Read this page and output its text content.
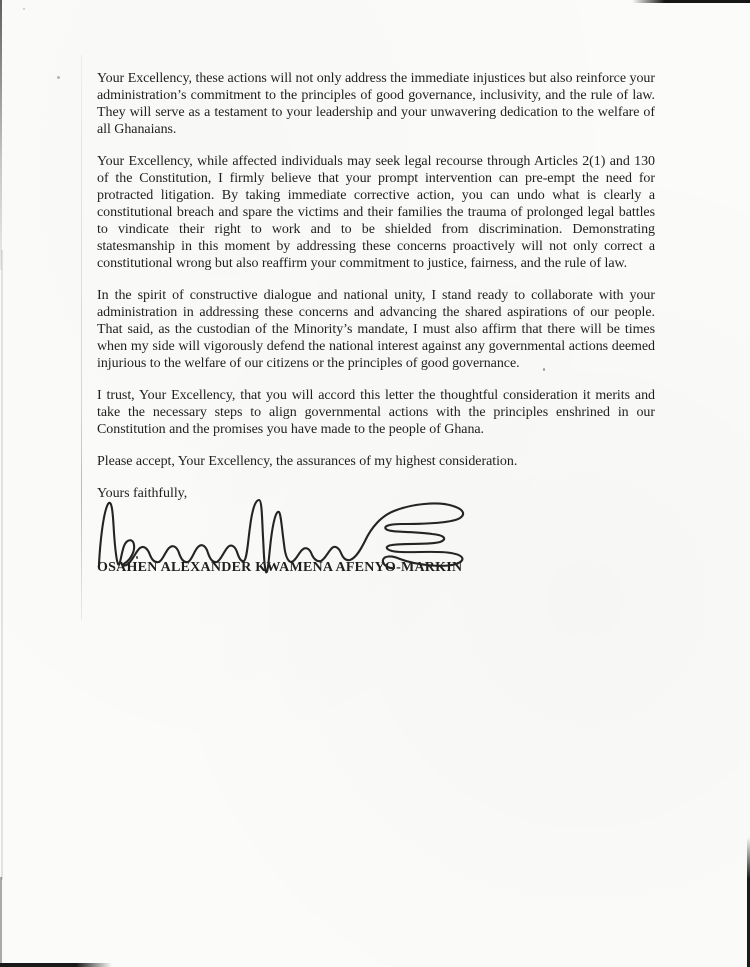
Your Excellency, these actions will not only address the immediate injustices but also reinforce your administration’s commitment to the principles of good governance, inclusivity, and the rule of law. They will serve as a testament to your leadership and your unwavering dedication to the welfare of all Ghanaians.

Your Excellency, while affected individuals may seek legal recourse through Articles 2(1) and 130 of the Constitution, I firmly believe that your prompt intervention can pre-empt the need for protracted litigation. By taking immediate corrective action, you can undo what is clearly a constitutional breach and spare the victims and their families the trauma of prolonged legal battles to vindicate their right to work and to be shielded from discrimination. Demonstrating statesmanship in this moment by addressing these concerns proactively will not only correct a constitutional wrong but also reaffirm your commitment to justice, fairness, and the rule of law.

In the spirit of constructive dialogue and national unity, I stand ready to collaborate with your administration in addressing these concerns and advancing the shared aspirations of our people. That said, as the custodian of the Minority’s mandate, I must also affirm that there will be times when my side will vigorously defend the national interest against any governmental actions deemed injurious to the welfare of our citizens or the principles of good governance.

I trust, Your Excellency, that you will accord this letter the thoughtful consideration it merits and take the necessary steps to align governmental actions with the principles enshrined in our Constitution and the promises you have made to the people of Ghana.

Please accept, Your Excellency, the assurances of my highest consideration.

Yours faithfully,

OSAHEN ALEXANDER KWAMENA AFENYO-MARKIN
